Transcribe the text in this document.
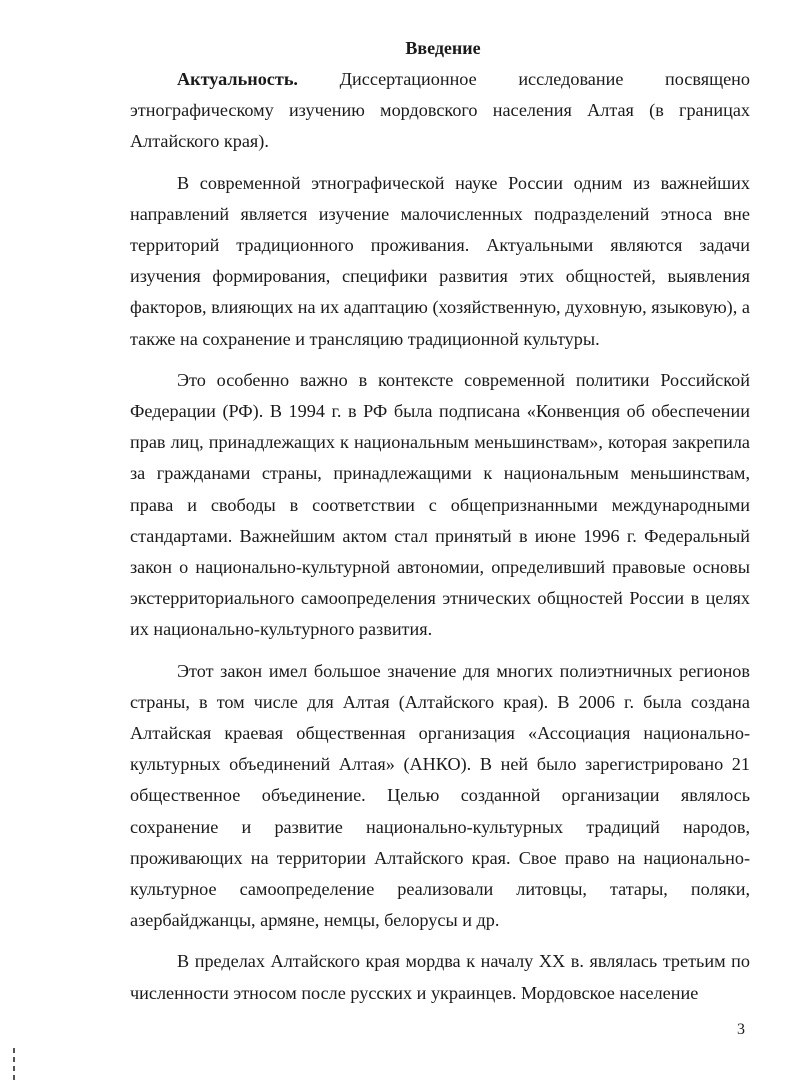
Введение

Актуальность. Диссертационное исследование посвящено этнографическому изучению мордовского населения Алтая (в границах Алтайского края).

В современной этнографической науке России одним из важнейших направлений является изучение малочисленных подразделений этноса вне территорий традиционного проживания. Актуальными являются задачи изучения формирования, специфики развития этих общностей, выявления факторов, влияющих на их адаптацию (хозяйственную, духовную, языковую), а также на сохранение и трансляцию традиционной культуры.

Это особенно важно в контексте современной политики Российской Федерации (РФ). В 1994 г. в РФ была подписана «Конвенция об обеспечении прав лиц, принадлежащих к национальным меньшинствам», которая закрепила за гражданами страны, принадлежащими к национальным меньшинствам, права и свободы в соответствии с общепризнанными международными стандартами. Важнейшим актом стал принятый в июне 1996 г. Федеральный закон о национально-культурной автономии, определивший правовые основы экстерриториального самоопределения этнических общностей России в целях их национально-культурного развития.

Этот закон имел большое значение для многих полиэтничных регионов страны, в том числе для Алтая (Алтайского края). В 2006 г. была создана Алтайская краевая общественная организация «Ассоциация национально-культурных объединений Алтая» (АНКО). В ней было зарегистрировано 21 общественное объединение. Целью созданной организации являлось сохранение и развитие национально-культурных традиций народов, проживающих на территории Алтайского края. Свое право на национально-культурное самоопределение реализовали литовцы, татары, поляки, азербайджанцы, армяне, немцы, белорусы и др.

В пределах Алтайского края мордва к началу XX в. являлась третьим по численности этносом после русских и украинцев. Мордовское население

3
